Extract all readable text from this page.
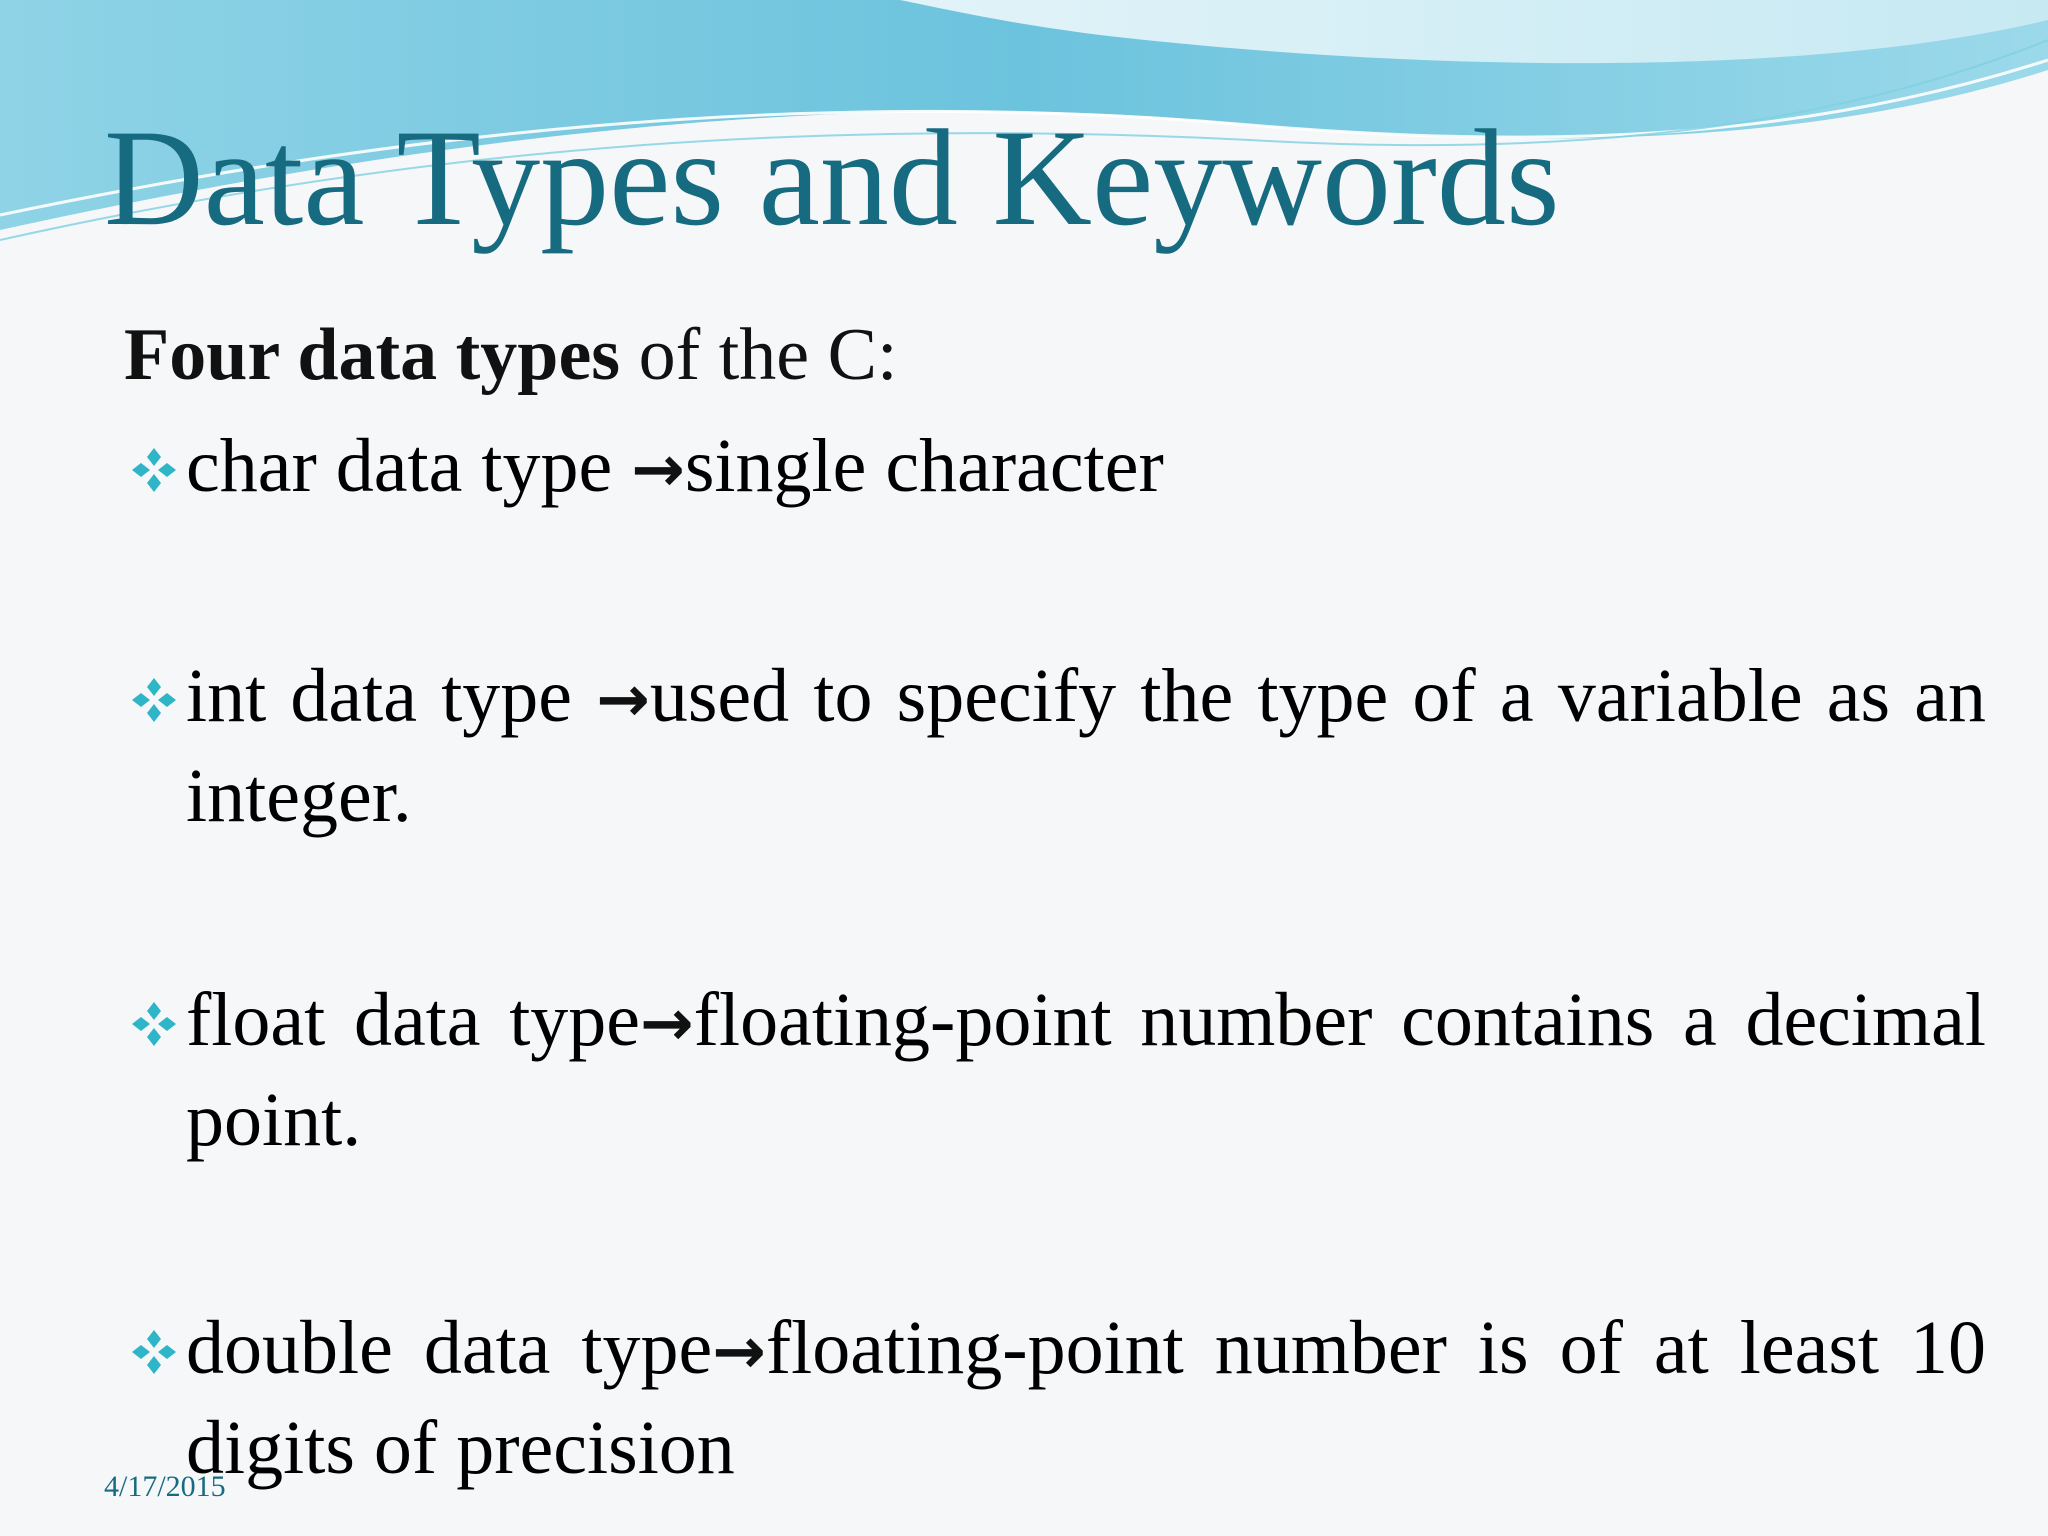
Data Types and Keywords

Four data types of the C:

char data type →single character
int data type →used to specify the type of a variable as an integer.
float data type→floating-point number contains a decimal point.
double data type→floating-point number is of at least 10 digits of precision
4/17/2015
